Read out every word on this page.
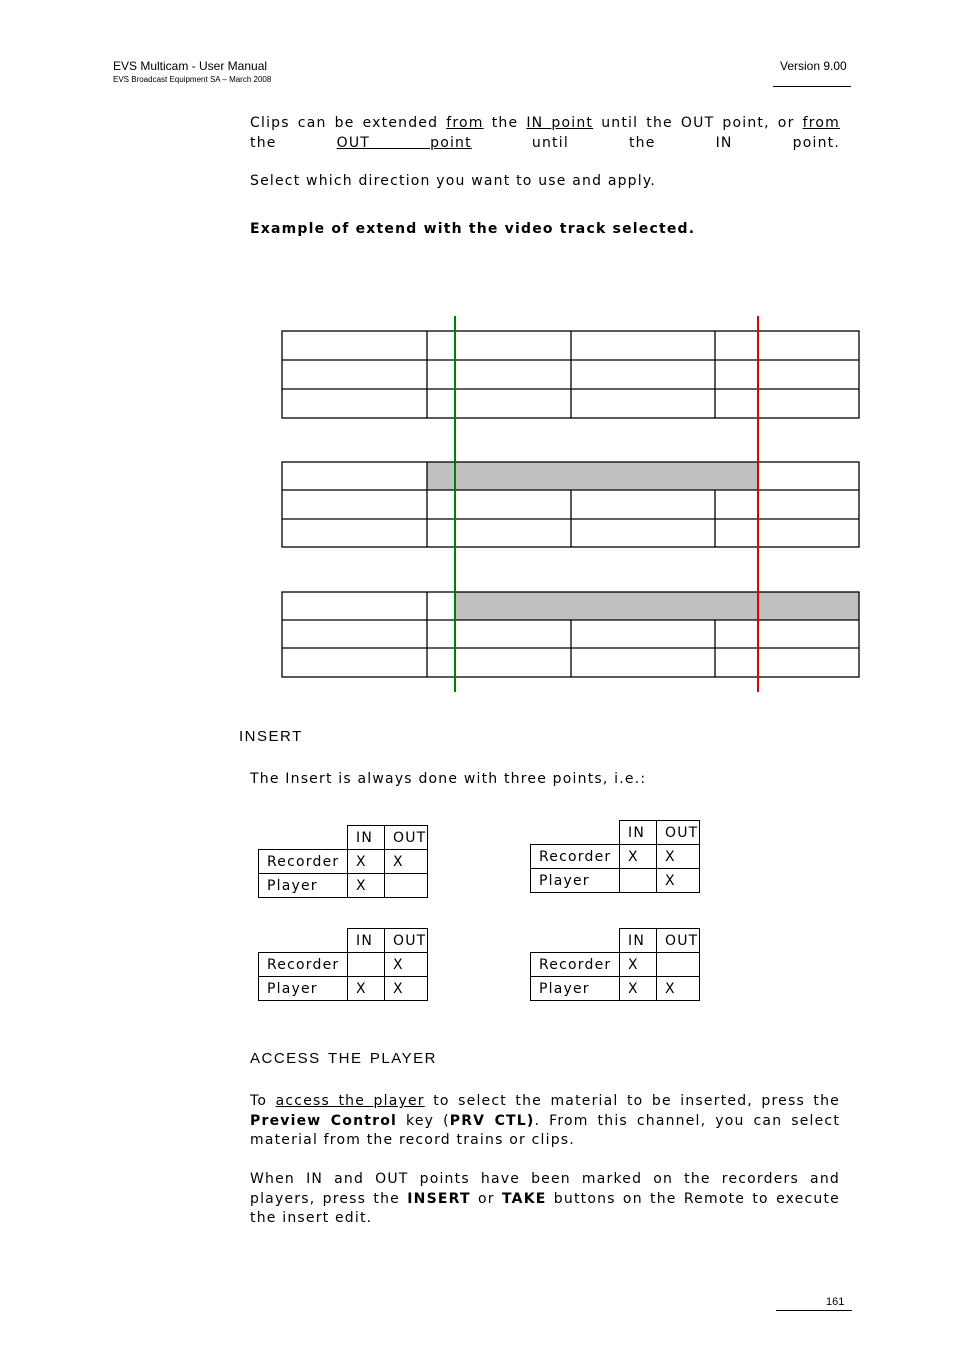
EVS Multicam - User Manual
EVS Broadcast Equipment SA – March 2008
Version 9.00
Clips can be extended from the IN point until the OUT point, or from the	OUT point	until the IN point.
Select which direction you want to use and apply.
Example of extend with the video track selected.
insert
The Insert is always done with three points, i.e.:
	IN	OUT
Recorder	X	X
Player	X	
	IN	OUT
Recorder	X	X
Player		X
	IN	OUT
Recorder		X
Player	X	X
	IN	OUT
Recorder	X	
Player	X	X
access the player
To access the player to select the material to be inserted, press the Preview Control key (PRV CTL). From this channel, you can select material from the record trains or clips.
When IN and OUT points have been marked on the recorders and players, press the INSERT or TAKE buttons on the Remote to execute the insert edit.
161
